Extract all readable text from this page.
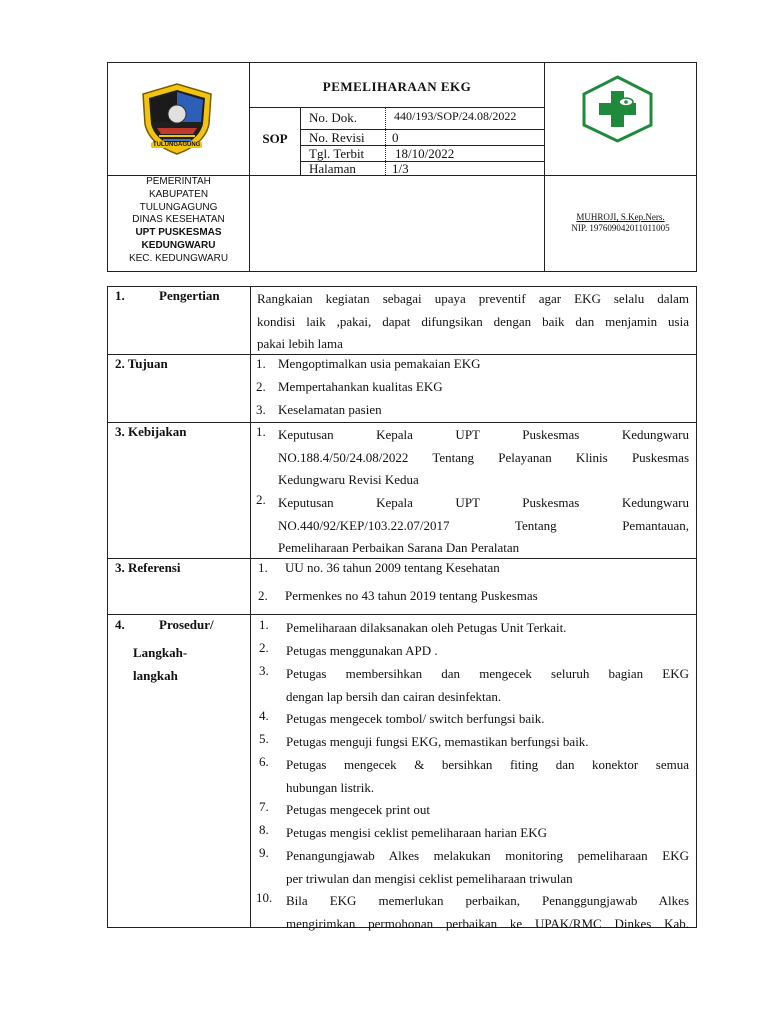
TULUNGAGUNG
PEMELIHARAAN EKG
SOP
No. Dok.	440/193/SOP/24.08/2022
No. Revisi 0
Tgl. Terbit 18/10/2022
Halaman	1/3
PEMERINTAH
KABUPATEN
TULUNGAGUNG
DINAS KESEHATAN
UPT PUSKESMAS
KEDUNGWARU
KEC. KEDUNGWARU
MUHROJI, S.Kep.Ners.
NIP. 197609042011011005
1.	Pengertian	Rangkaian kegiatan sebagai upaya preventif agar EKG selalu dalam
kondisi laik ,pakai, dapat difungsikan dengan baik dan menjamin usia
pakai lebih lama
2. Tujuan	1. Mengoptimalkan usia pemakaian EKG
2. Mempertahankan kualitas EKG
3. Keselamatan pasien
3. Kebijakan	1. Keputusan Kepala UPT Puskesmas Kedungwaru
NO.188.4/50/24.08/2022 Tentang Pelayanan Klinis Puskesmas
Kedungwaru Revisi Kedua
2. Keputusan Kepala UPT Puskesmas Kedungwaru
NO.440/92/KEP/103.22.07/2017 Tentang Pemantauan,
Pemeliharaan Perbaikan Sarana Dan Peralatan
3. Referensi	1. UU no. 36 tahun 2009 tentang Kesehatan
2. Permenkes no 43 tahun 2019 tentang Puskesmas
4.	Prosedur/
Langkah-
langkah
1. Pemeliharaan dilaksanakan oleh Petugas Unit Terkait.
2. Petugas menggunakan APD .
3. Petugas membersihkan dan mengecek seluruh bagian EKG
dengan lap bersih dan cairan desinfektan.
4. Petugas mengecek tombol/ switch berfungsi baik.
5. Petugas menguji fungsi EKG, memastikan berfungsi baik.
6. Petugas mengecek & bersihkan fiting dan konektor semua
hubungan listrik.
7. Petugas mengecek print out
8. Petugas mengisi ceklist pemeliharaan harian EKG
9. Penangungjawab Alkes melakukan monitoring pemeliharaan EKG
per triwulan dan mengisi ceklist pemeliharaan triwulan
10. Bila EKG memerlukan perbaikan, Penanggungjawab Alkes
mengirimkan permohonan perbaikan ke UPAK/RMC Dinkes Kab.
